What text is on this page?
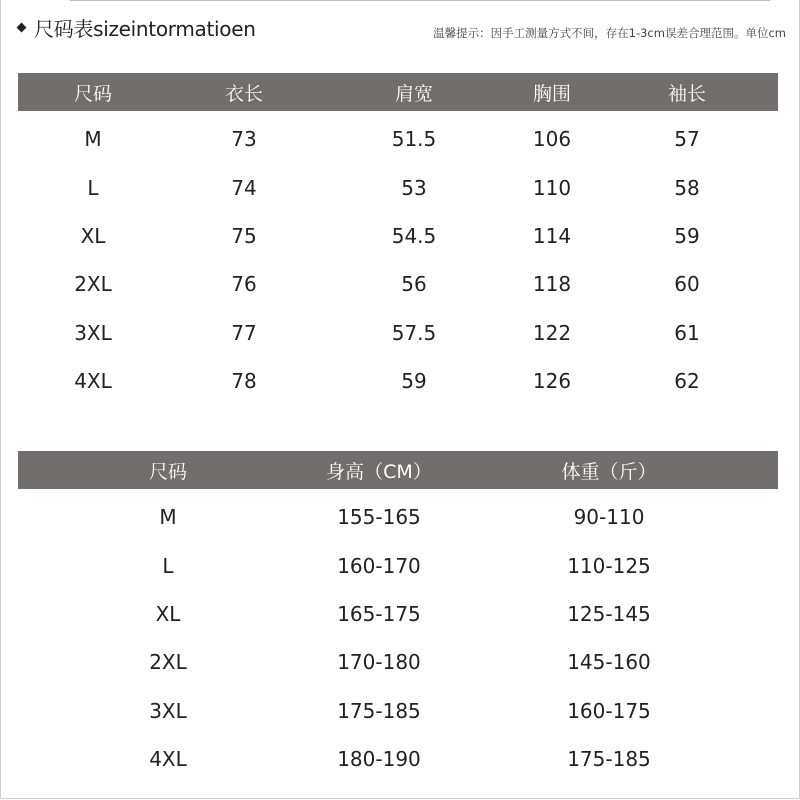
尺码表sizeintormatioen	温馨提示：因手工测量方式不间，存在1-3cm误差合理范围。单位cm
尺码	衣长	肩宽	胸围	袖长
M	73	51.5	106	57
L	74	53	110	58
XL	75	54.5	114	59
2XL	76	56	118	60
3XL	77	57.5	122	61
4XL	78	59	126	62
尺码	身高（CM）	体重（斤）
M	155-165	90-110
L	160-170	110-125
XL	165-175	125-145
2XL	170-180	145-160
3XL	175-185	160-175
4XL	180-190	175-185
